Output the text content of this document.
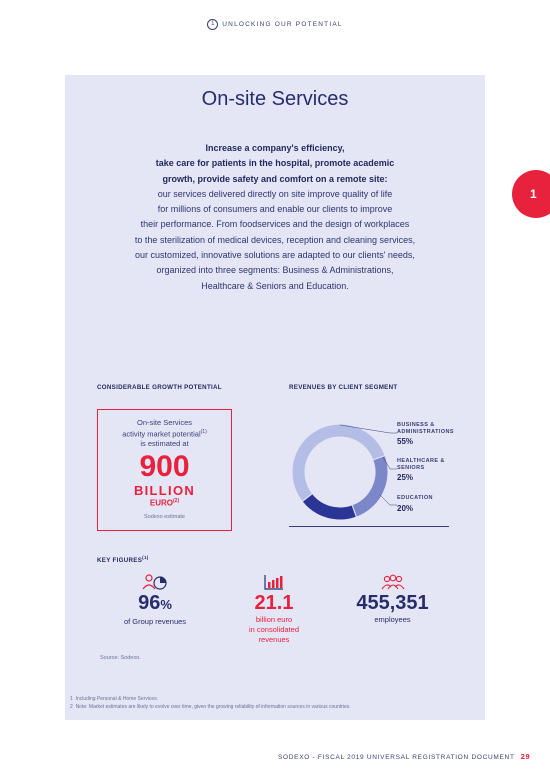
1 UNLOCKING OUR POTENTIAL
1
On-site Services
Increase a company's efficiency,
take care for patients in the hospital, promote academic
growth, provide safety and comfort on a remote site:
our services delivered directly on site improve quality of life
for millions of consumers and enable our clients to improve
their performance. From foodservices and the design of workplaces
to the sterilization of medical devices, reception and cleaning services,
our customized, innovative solutions are adapted to our clients' needs,
organized into three segments: Business & Administrations,
Healthcare & Seniors and Education.
CONSIDERABLE GROWTH POTENTIAL	REVENUES BY CLIENT SEGMENT
On-site Services
activity market potential$^{(1)}$
is estimated at
900
BILLION
EURO$^{(2)}$
Sodexo estimate
BUSINESS &
ADMINISTRATIONS
55%
HEALTHCARE &
SENIORS
25%
EDUCATION
20%
KEY FIGURES$^{(1)}$
96%
of Group revenues
21.1
billion euro
in consolidated
revenues
455,351
employees
Source: Sodexo.
1 Including Personal & Home Services.
2 Note: Market estimates are likely to evolve over time, given the growing reliability of information sources in various countries.
SODEXO - FISCAL 2019 UNIVERSAL REGISTRATION DOCUMENT 29
